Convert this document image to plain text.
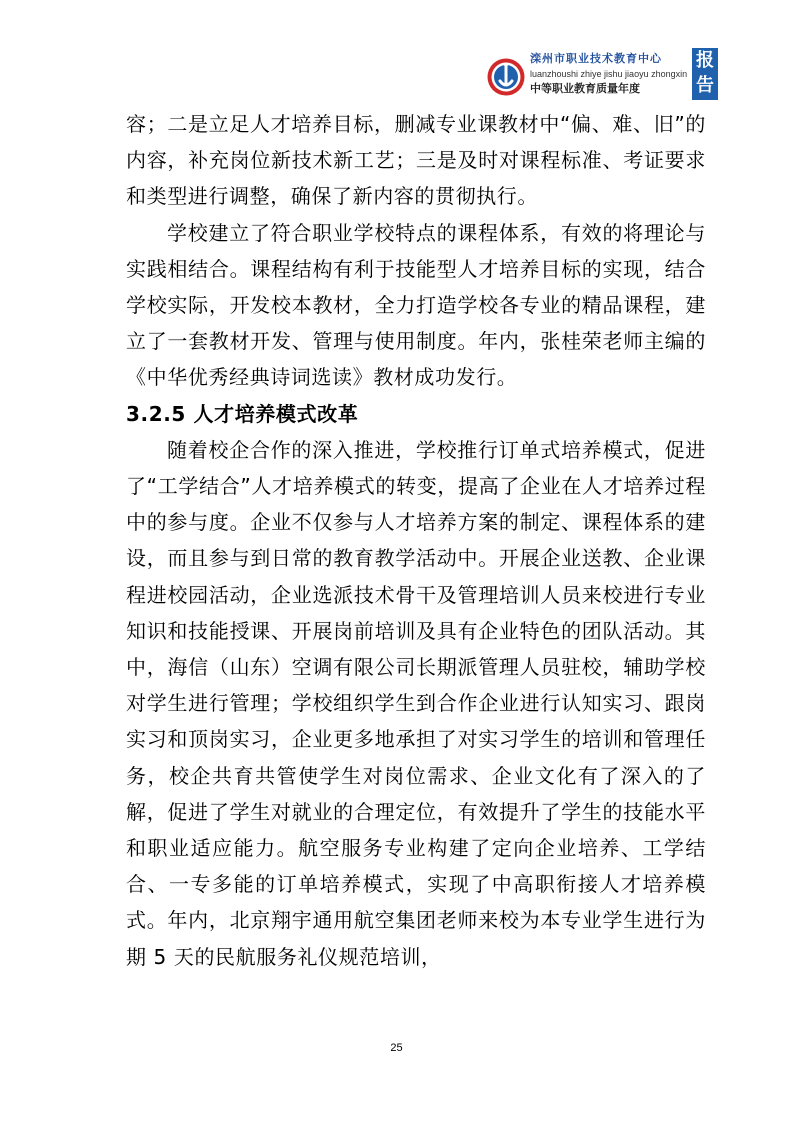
滦州市职业技术教育中心
luanzhoushi zhiye jishu jiaoyu zhongxin
中等职业教育质量年度
报告

容；二是立足人才培养目标，删减专业课教材中“偏、难、旧”的内容，补充岗位新技术新工艺；三是及时对课程标准、考证要求和类型进行调整，确保了新内容的贯彻执行。

学校建立了符合职业学校特点的课程体系，有效的将理论与实践相结合。课程结构有利于技能型人才培养目标的实现，结合学校实际，开发校本教材，全力打造学校各专业的精品课程，建立了一套教材开发、管理与使用制度。年内，张桂荣老师主编的《中华优秀经典诗词选读》教材成功发行。

3.2.5 人才培养模式改革

随着校企合作的深入推进，学校推行订单式培养模式，促进了“工学结合”人才培养模式的转变，提高了企业在人才培养过程中的参与度。企业不仅参与人才培养方案的制定、课程体系的建设，而且参与到日常的教育教学活动中。开展企业送教、企业课程进校园活动，企业选派技术骨干及管理培训人员来校进行专业知识和技能授课、开展岗前培训及具有企业特色的团队活动。其中，海信（山东）空调有限公司长期派管理人员驻校，辅助学校对学生进行管理；学校组织学生到合作企业进行认知实习、跟岗实习和顶岗实习，企业更多地承担了对实习学生的培训和管理任务，校企共育共管使学生对岗位需求、企业文化有了深入的了解，促进了学生对就业的合理定位，有效提升了学生的技能水平和职业适应能力。航空服务专业构建了定向企业培养、工学结合、一专多能的订单培养模式，实现了中高职衔接人才培养模式。年内，北京翔宇通用航空集团老师来校为本专业学生进行为期 5 天的民航服务礼仪规范培训，

25
